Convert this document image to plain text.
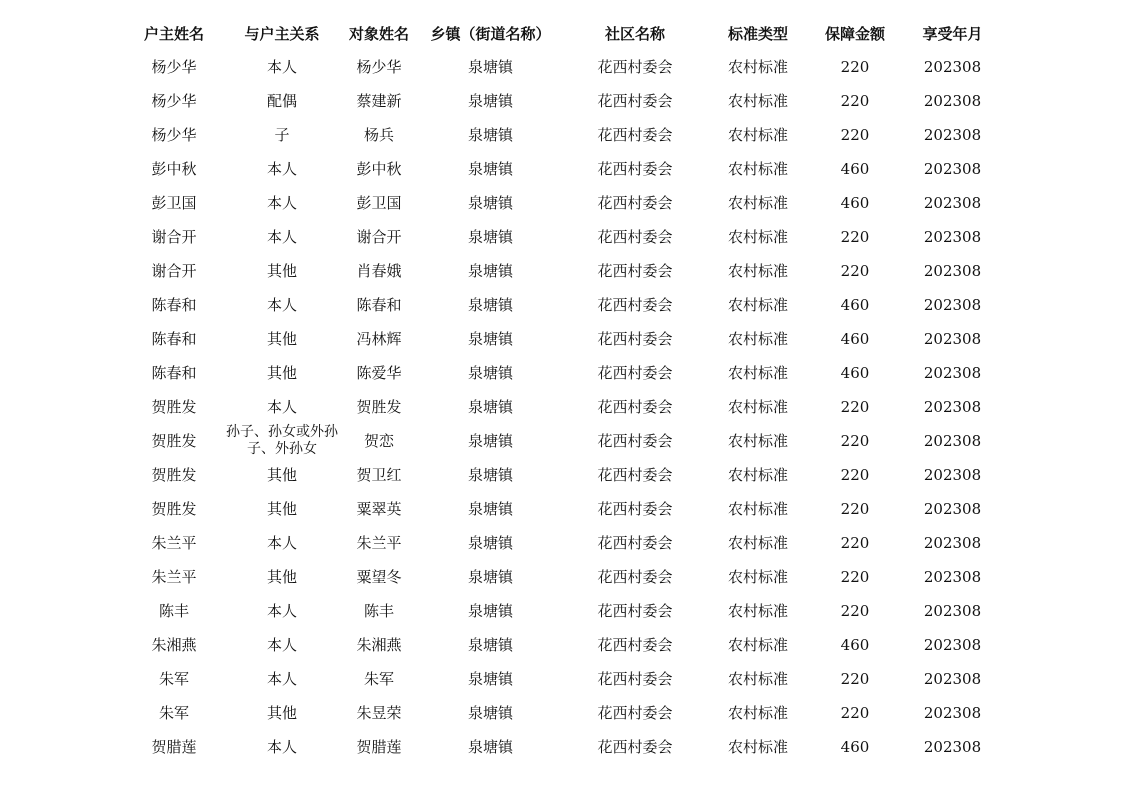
户主姓名	与户主关系	对象姓名	乡镇（街道名称）	社区名称	标准类型	保障金额	享受年月
杨少华	本人	杨少华	泉塘镇	花西村委会	农村标准	220	202308
杨少华	配偶	蔡建新	泉塘镇	花西村委会	农村标准	220	202308
杨少华	子	杨兵	泉塘镇	花西村委会	农村标准	220	202308
彭中秋	本人	彭中秋	泉塘镇	花西村委会	农村标准	460	202308
彭卫国	本人	彭卫国	泉塘镇	花西村委会	农村标准	460	202308
谢合开	本人	谢合开	泉塘镇	花西村委会	农村标准	220	202308
谢合开	其他	肖春娥	泉塘镇	花西村委会	农村标准	220	202308
陈春和	本人	陈春和	泉塘镇	花西村委会	农村标准	460	202308
陈春和	其他	冯林辉	泉塘镇	花西村委会	农村标准	460	202308
陈春和	其他	陈爱华	泉塘镇	花西村委会	农村标准	460	202308
贺胜发	本人	贺胜发	泉塘镇	花西村委会	农村标准	220	202308
贺胜发	孙子、孙女或外孙子、外孙女	贺恋	泉塘镇	花西村委会	农村标准	220	202308
贺胜发	其他	贺卫红	泉塘镇	花西村委会	农村标准	220	202308
贺胜发	其他	粟翠英	泉塘镇	花西村委会	农村标准	220	202308
朱兰平	本人	朱兰平	泉塘镇	花西村委会	农村标准	220	202308
朱兰平	其他	粟望冬	泉塘镇	花西村委会	农村标准	220	202308
陈丰	本人	陈丰	泉塘镇	花西村委会	农村标准	220	202308
朱湘燕	本人	朱湘燕	泉塘镇	花西村委会	农村标准	460	202308
朱军	本人	朱军	泉塘镇	花西村委会	农村标准	220	202308
朱军	其他	朱昱荣	泉塘镇	花西村委会	农村标准	220	202308
贺腊莲	本人	贺腊莲	泉塘镇	花西村委会	农村标准	460	202308
